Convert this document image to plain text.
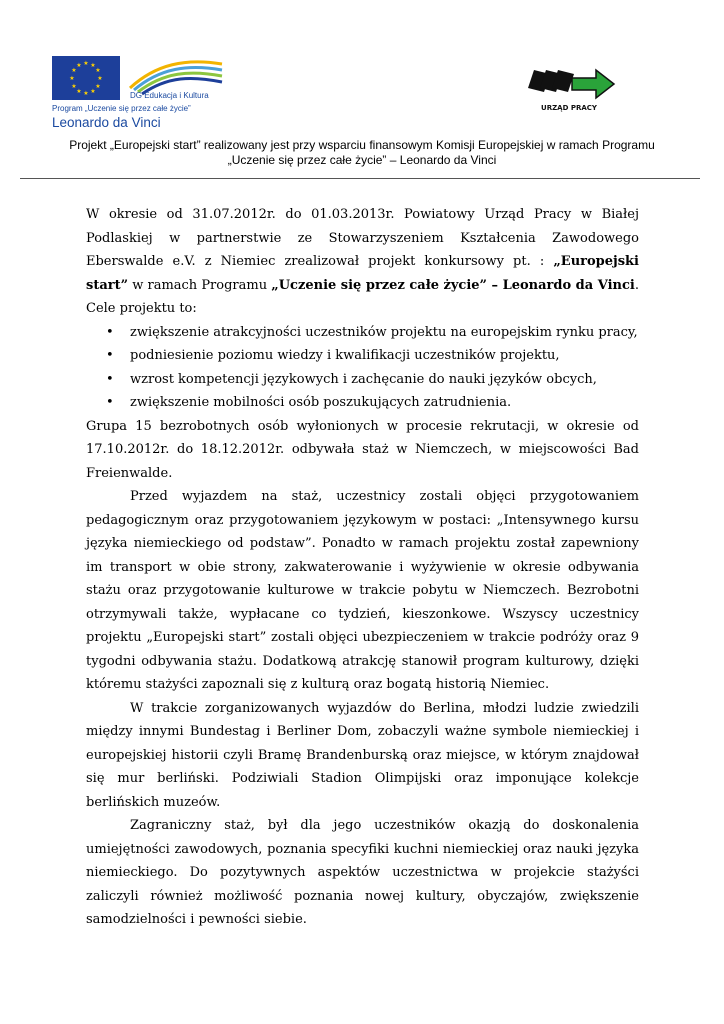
★ ★
★
★
★
★
★
★
★
★
★
★
DG Edukacja i Kultura
Program „Uczenie się przez całe życie”
Leonardo da Vinci
URZĄD PRACY
Projekt „Europejski start” realizowany jest przy wsparciu finansowym Komisji Europejskiej w ramach Programu
„Uczenie się przez całe życie” – Leonardo da Vinci

W okresie od 31.07.2012r. do 01.03.2013r. Powiatowy Urząd Pracy w Białej Podlaskiej w partnerstwie ze Stowarzyszeniem Kształcenia Zawodowego Eberswalde e.V. z Niemiec zrealizował projekt konkursowy pt. : „Europejski start” w ramach Programu „Uczenie się przez całe życie” – Leonardo da Vinci.

Cele projektu to:

• zwiększenie atrakcyjności uczestników projektu na europejskim rynku pracy,
• podniesienie poziomu wiedzy i kwalifikacji uczestników projektu,
• wzrost kompetencji językowych i zachęcanie do nauki języków obcych,
• zwiększenie mobilności osób poszukujących zatrudnienia.

Grupa 15 bezrobotnych osób wyłonionych w procesie rekrutacji, w okresie od 17.10.2012r. do 18.12.2012r. odbywała staż w Niemczech, w miejscowości Bad Freienwalde.

Przed wyjazdem na staż, uczestnicy zostali objęci przygotowaniem pedagogicznym oraz przygotowaniem językowym w postaci: „Intensywnego kursu języka niemieckiego od podstaw”. Ponadto w ramach projektu został zapewniony im transport w obie strony, zakwaterowanie i wyżywienie w okresie odbywania stażu oraz przygotowanie kulturowe w trakcie pobytu w Niemczech. Bezrobotni otrzymywali także, wypłacane co tydzień, kieszonkowe. Wszyscy uczestnicy projektu „Europejski start” zostali objęci ubezpieczeniem w trakcie podróży oraz 9 tygodni odbywania stażu. Dodatkową atrakcję stanowił program kulturowy, dzięki któremu stażyści zapoznali się z kulturą oraz bogatą historią Niemiec.

W trakcie zorganizowanych wyjazdów do Berlina, młodzi ludzie zwiedzili między innymi Bundestag i Berliner Dom, zobaczyli ważne symbole niemieckiej i europejskiej historii czyli Bramę Brandenburską oraz miejsce, w którym znajdował się mur berliński. Podziwiali Stadion Olimpijski oraz imponujące kolekcje berlińskich muzeów.

Zagraniczny staż, był dla jego uczestników okazją do doskonalenia umiejętności zawodowych, poznania specyfiki kuchni niemieckiej oraz nauki języka niemieckiego. Do pozytywnych aspektów uczestnictwa w projekcie stażyści zaliczyli również możliwość poznania nowej kultury, obyczajów, zwiększenie samodzielności i pewności siebie.
